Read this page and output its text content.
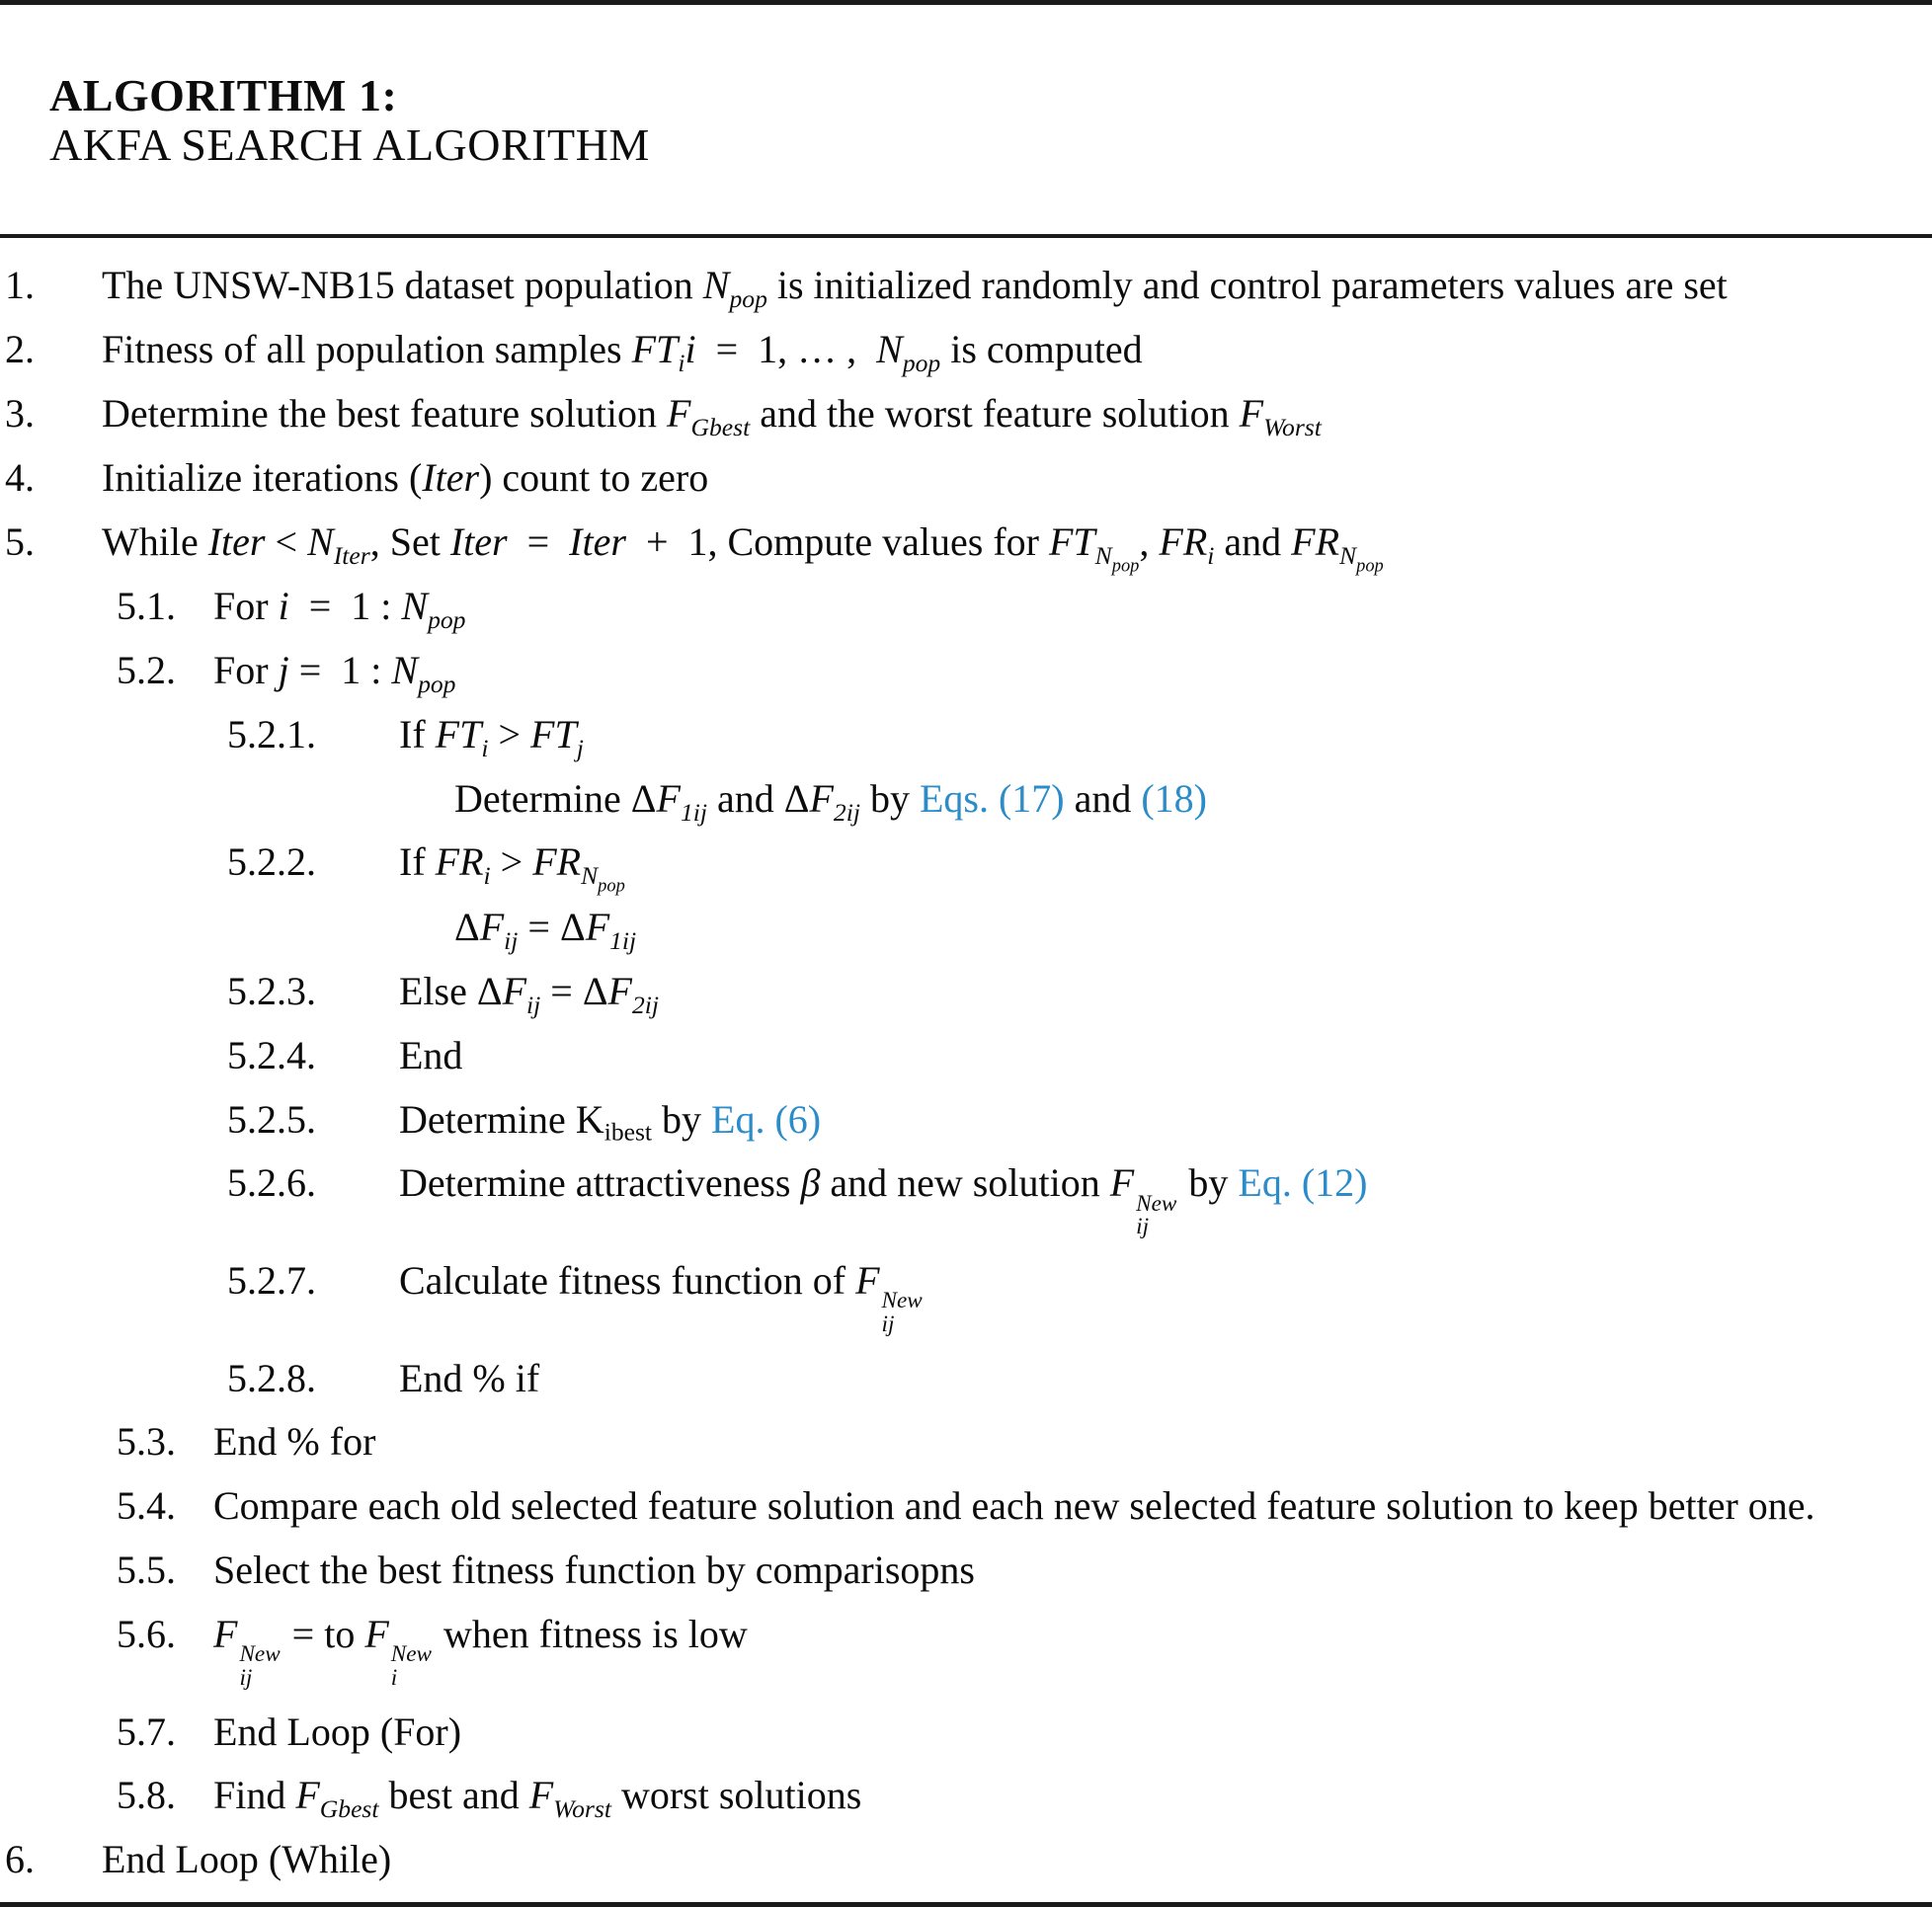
ALGORITHM 1:
AKFA SEARCH ALGORITHM

1.	The UNSW-NB15 dataset population $N_{pop}$ is initialized randomly and control parameters values are set
2.	Fitness of all population samples $FT_ii = 1$, … ,  $N_{pop}$ is computed
3.	Determine the best feature solution $F_{Gbest}$ and the worst feature solution $F_{Worst}$
4.	Initialize iterations (Iter) count to zero
5.	While Iter < $N_{Iter}$, Set Iter  =  Iter  +  1, Compute values for $FT_{N_{pop}}$, $FR_i$ and $FR_{N_{pop}}$
5.1. For i  =  1 : $N_{pop}$
5.2. For j =  1 : $N_{pop}$
5.2.1.	If $FT_i > FT_j$
Determine $\Delta F_{1ij}$ and $\Delta F_{2ij}$ by Eqs. (17) and (18)
5.2.2.	If $FR_i > FR_{N_{pop}}$
$\Delta F_{ij} = \Delta F_{1ij}$
5.2.3.	Else $\Delta F_{ij} = \Delta F_{2ij}$
5.2.4.	End
5.2.5.	Determine Kibest by Eq. (6)
5.2.6.	Determine attractiveness β and new solution F New
ij
by Eq. (12)
5.2.7.	Calculate fitness function of F New
ij
5.2.8.	End % if
5.3. End % for
5.4. Compare each old selected feature solution and each new selected feature solution to keep better one.
5.5. Select the best fitness function by comparisopns
5.6. F New
ij
= to F New
i
when fitness is low
5.7. End Loop (For)
5.8. Find $F_{Gbest}$ best and $F_{Worst}$ worst solutions
6.	End Loop (While)
